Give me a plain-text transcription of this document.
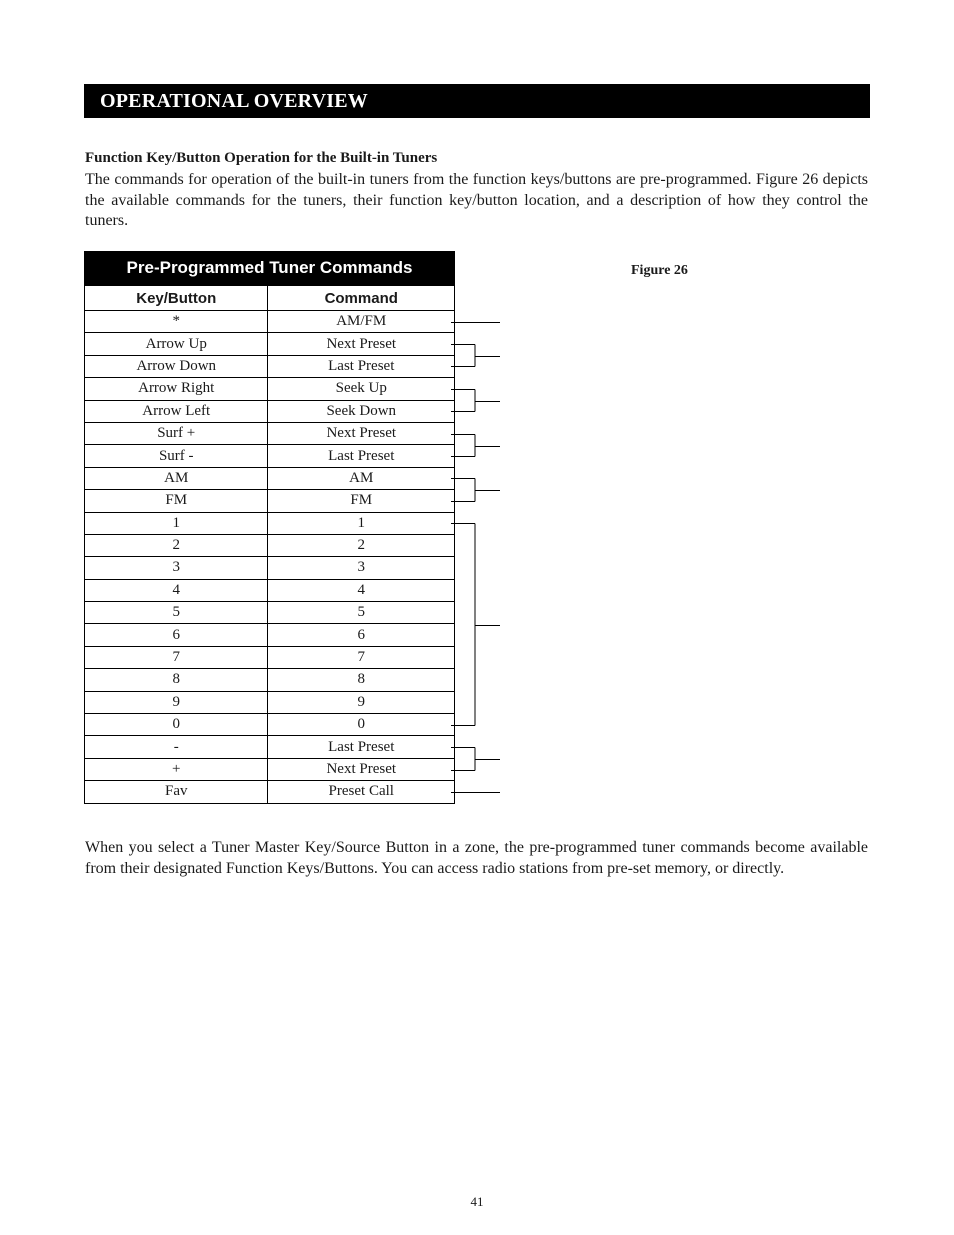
OPERATIONAL OVERVIEW
Function Key/Button Operation for the Built-in Tuners

The commands for operation of the built-in tuners from the function keys/buttons are pre-programmed. Figure 26 depicts the available commands for the tuners, their function key/button location, and a description of how they control the tuners.

Pre-Programmed Tuner Commands
Key/Button	Command
*	AM/FM
Arrow Up	Next Preset
Arrow Down	Last Preset
Arrow Right	Seek Up
Arrow Left	Seek Down
Surf +	Next Preset
Surf -	Last Preset
AM	AM
FM	FM
1	1
2	2
3	3
4	4
5	5
6	6
7	7
8	8
9	9
0	0
-	Last Preset
+	Next Preset
Fav	Preset Call
Figure 26

When you select a Tuner Master Key/Source Button in a zone, the pre-programmed tuner commands become available from their designated Function Keys/Buttons. You can access radio stations from pre-set memory, or directly.

41
